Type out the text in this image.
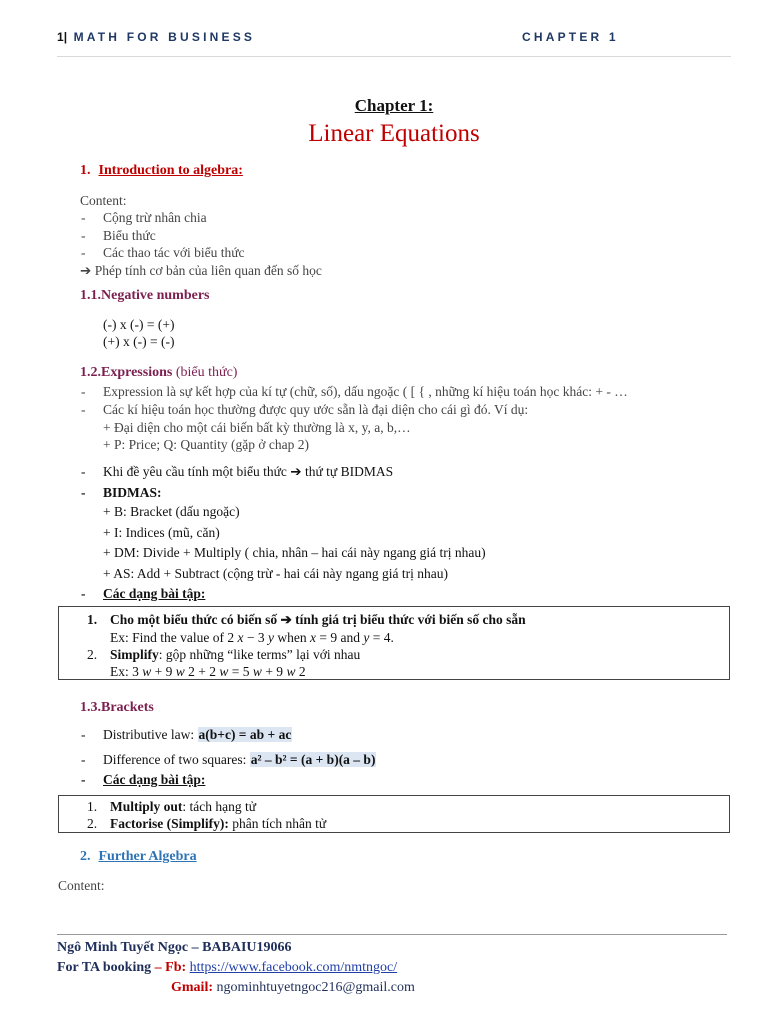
1| MATH FOR BUSINESS	CHAPTER 1
Chapter 1:
Linear Equations
1. Introduction to algebra:
Content:
- Cộng trừ nhân chia
- Biểu thức
- Các thao tác với biểu thức
➔ Phép tính cơ bản của liên quan đến số học
1.1.Negative numbers
(-) x (-) = (+)
(+) x (-) = (-)
1.2.Expressions (biểu thức)
- Expression là sự kết hợp của kí tự (chữ, số), dấu ngoặc ( [ { , những kí hiệu toán học khác: + - …
- Các kí hiệu toán học thường được quy ước sẵn là đại diện cho cái gì đó. Ví dụ:
+ Đại diện cho một cái biến bất kỳ thường là x, y, a, b,…
+ P: Price; Q: Quantity (gặp ở chap 2)
- Khi đề yêu cầu tính một biểu thức ➔ thứ tự BIDMAS
- BIDMAS:
+ B: Bracket (dấu ngoặc)
+ I: Indices (mũ, căn)
+ DM: Divide + Multiply ( chia, nhân – hai cái này ngang giá trị nhau)
+ AS: Add + Subtract (cộng trừ - hai cái này ngang giá trị nhau)
- Các dạng bài tập:
1. Cho một biểu thức có biến số ➔ tính giá trị biểu thức với biến số cho sẵn
Ex: Find the value of 2 x − 3 y when x = 9 and y = 4.
2. Simplify: gộp những “like terms” lại với nhau
Ex: 3 w + 9 w 2 + 2 w = 5 w + 9 w 2
1.3.Brackets
- Distributive law: a(b+c) = ab + ac
- Difference of two squares: a² – b² = (a + b)(a – b)
- Các dạng bài tập:
1. Multiply out: tách hạng tử
2. Factorise (Simplify): phân tích nhân tử
2. Further Algebra
Content:
Ngô Minh Tuyết Ngọc – BABAIU19066
For TA booking – Fb: https://www.facebook.com/nmtngoc/
Gmail: ngominhtuyetngoc216@gmail.com
